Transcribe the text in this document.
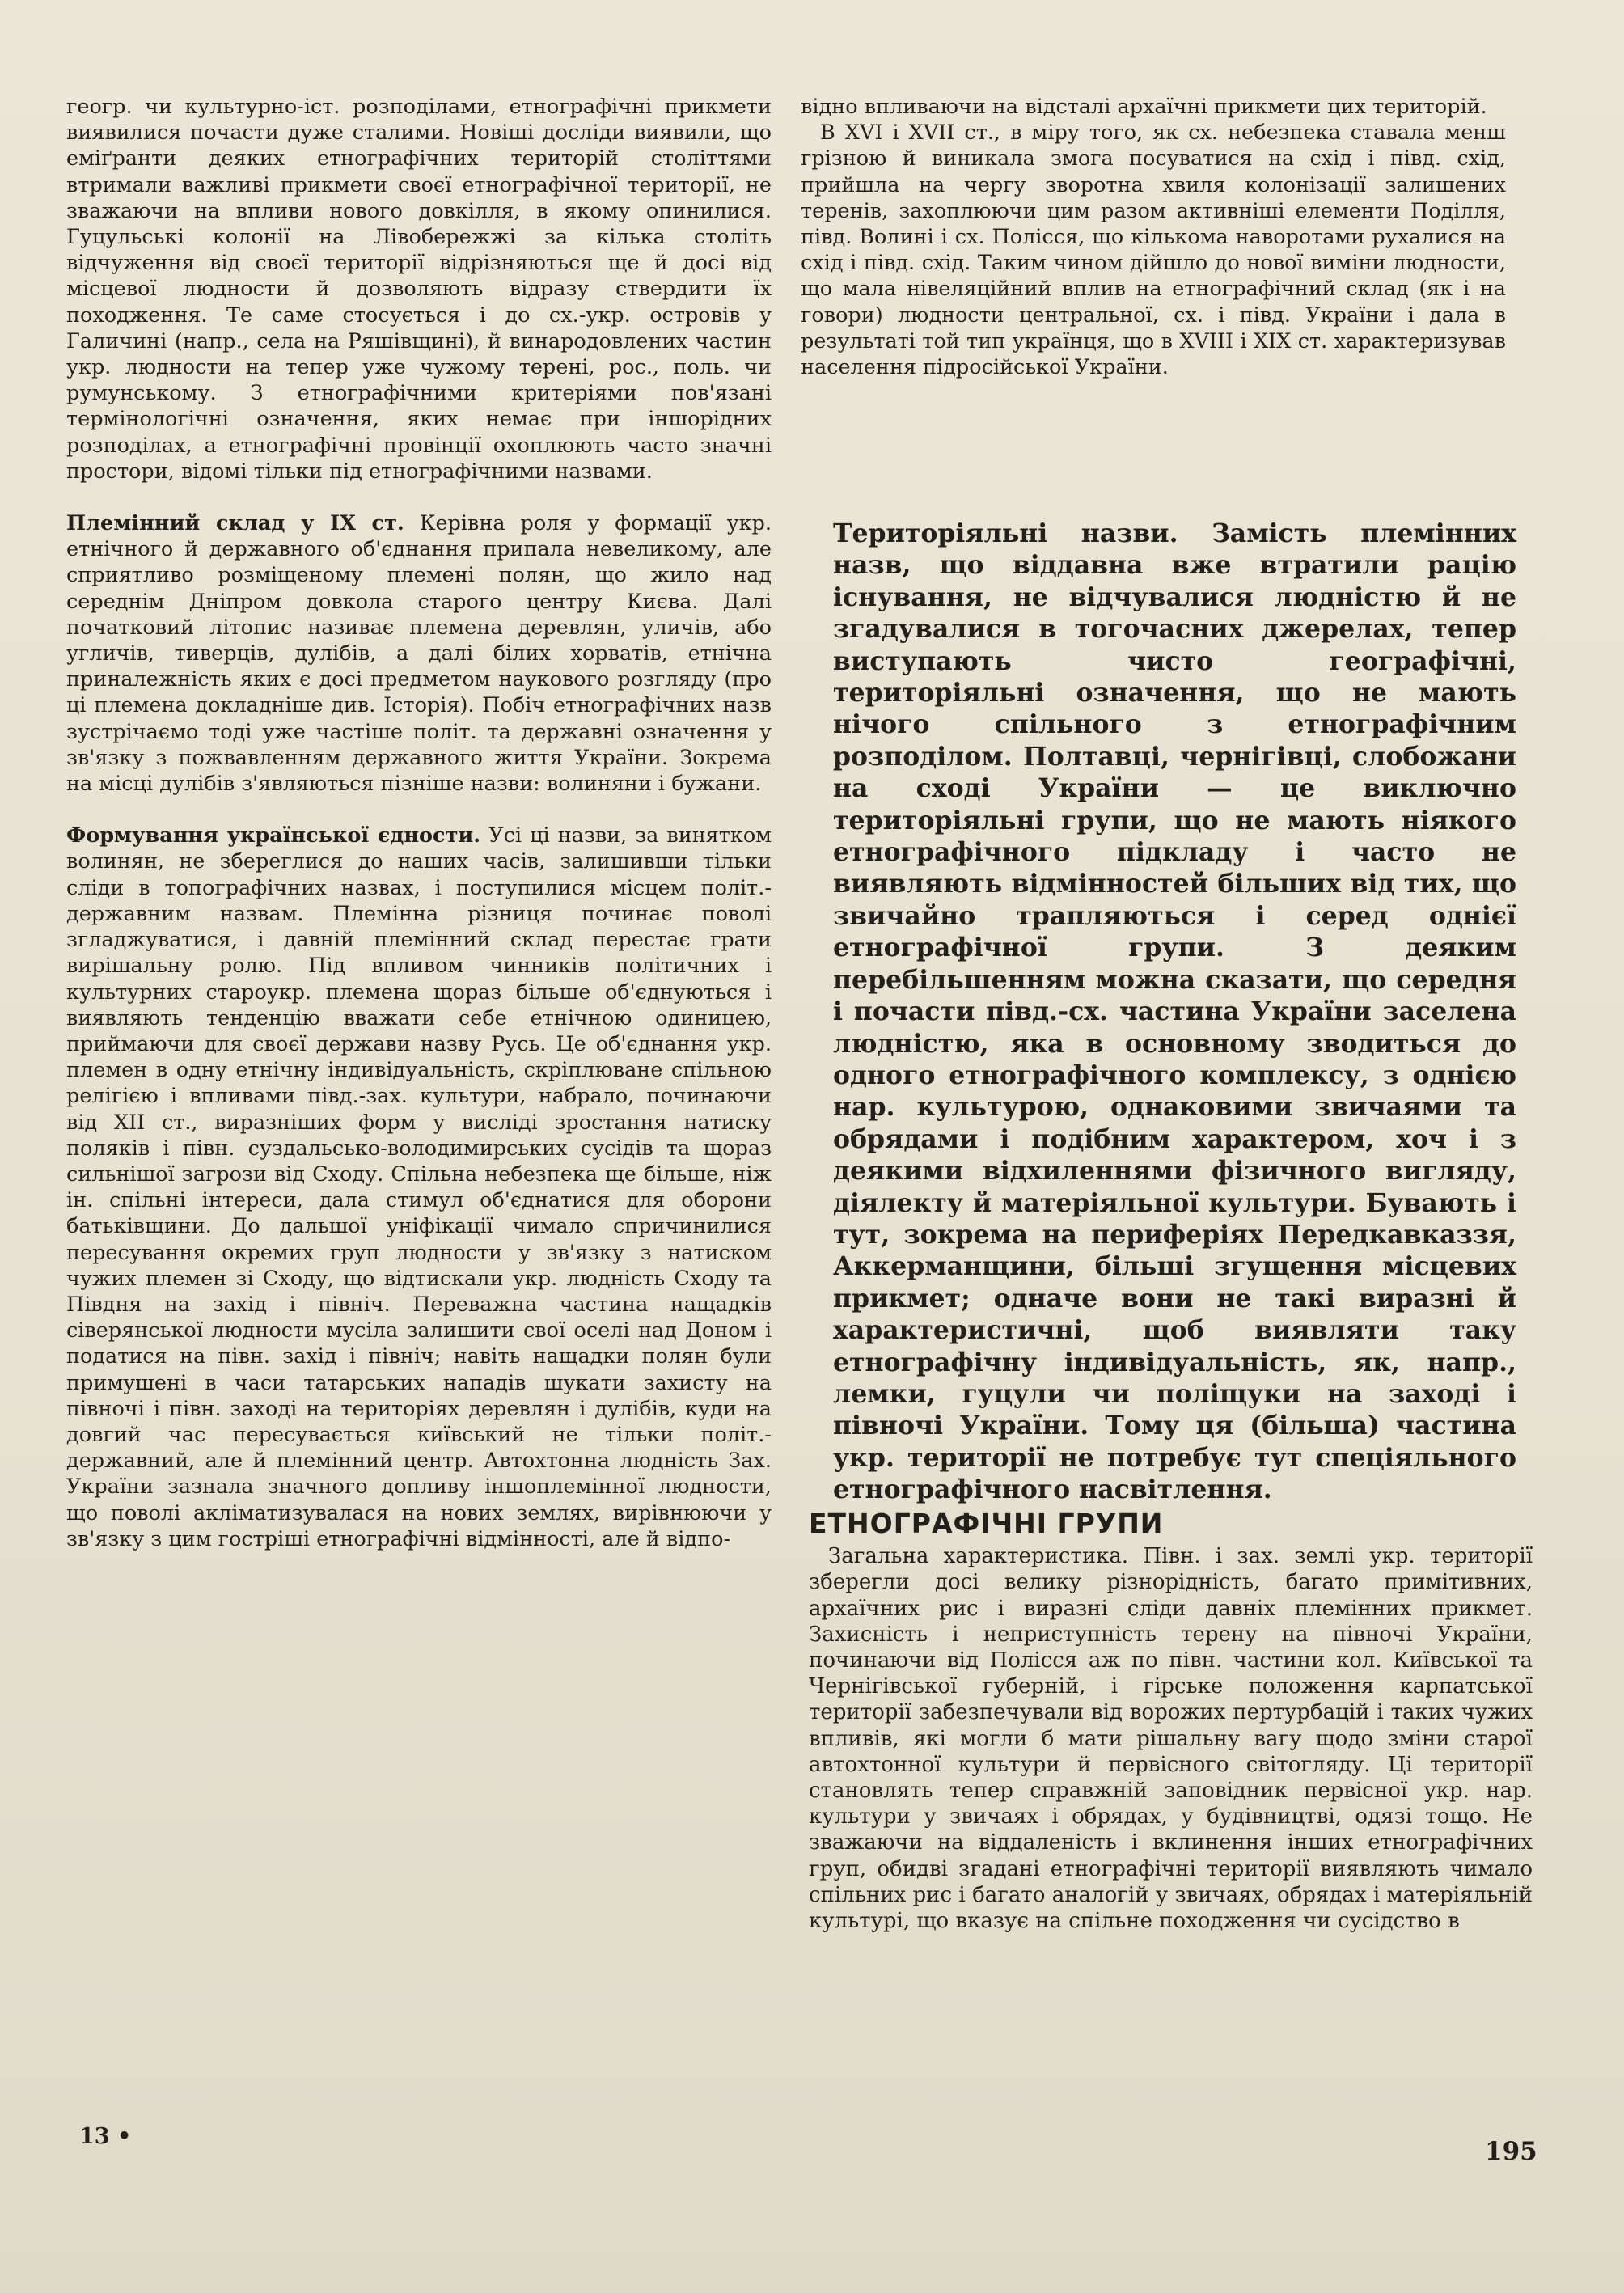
геогр. чи культурно-іст. розподілами, етнографічні прикмети виявилися почасти дуже сталими. Новіші досліди виявили, що еміґранти деяких етнографічних територій століттями втримали важливі прикмети своєї етнографічної території, не зважаючи на впливи нового довкілля, в якому опинилися. Гуцульські колонії на Лівобережжі за кілька століть відчуження від своєї території відрізняються ще й досі від місцевої людности й дозволяють відразу ствердити їх походження. Те саме стосується і до сх.-укр. островів у Галичині (напр., села на Ряшівщині), й винародовлених частин укр. людности на тепер уже чужому терені, рос., поль. чи румунському. З етнографічними критеріями пов'язані термінологічні означення, яких немає при іншорідних розподілах, а етнографічні провінції охоплюють часто значні простори, відомі тільки під етнографічними назвами.

Племінний склад у IX ст. Керівна роля у формації укр. етнічного й державного об'єднання припала невеликому, але сприятливо розміщеному племені полян, що жило над середнім Дніпром довкола старого центру Києва. Далі початковий літопис називає племена деревлян, уличів, або угличів, тиверців, дулібів, а далі білих хорватів, етнічна приналежність яких є досі предметом наукового розгляду (про ці племена докладніше див. Історія). Побіч етнографічних назв зустрічаємо тоді уже частіше політ. та державні означення у зв'язку з пожвавленням державного життя України. Зокрема на місці дулібів з'являються пізніше назви: волиняни і бужани.

Формування української єдности. Усі ці назви, за винятком волинян, не збереглися до наших часів, залишивши тільки сліди в топографічних назвах, і поступилися місцем політ.-державним назвам. Племінна різниця починає поволі згладжуватися, і давній племінний склад перестає грати вирішальну ролю. Під впливом чинників політичних і культурних староукр. племена щораз більше об'єднуються і виявляють тенденцію вважати себе етнічною одиницею, приймаючи для своєї держави назву Русь. Це об'єднання укр. племен в одну етнічну індивідуальність, скріплюване спільною релігією і впливами півд.-зах. культури, набрало, починаючи від XII ст., виразніших форм у висліді зростання натиску поляків і півн. суздальсько-володимирських сусідів та щораз сильнішої загрози від Сходу. Спільна небезпека ще більше, ніж ін. спільні інтереси, дала стимул об'єднатися для оборони батьківщини. До дальшої уніфікації чимало спричинилися пересування окремих груп людности у зв'язку з натиском чужих племен зі Сходу, що відтискали укр. людність Сходу та Півдня на захід і північ. Переважна частина нащадків сіверянської людности мусіла залишити свої оселі над Доном і податися на півн. захід і північ; навіть нащадки полян були примушені в часи татарських нападів шукати захисту на півночі і півн. заході на територіях деревлян і дулібів, куди на довгий час пересувається київський не тільки політ.-державний, але й племінний центр. Автохтонна людність Зах. України зазнала значного допливу іншоплемінної людности, що поволі акліматизувалася на нових землях, вирівнюючи у зв'язку з цим гостріші етнографічні відмінності, але й відпо-

відно впливаючи на відсталі архаїчні прикмети цих територій.

В XVI і XVII ст., в міру того, як сх. небезпека ставала менш грізною й виникала змога посуватися на схід і півд. схід, прийшла на чергу зворотна хвиля колонізації залишених теренів, захоплюючи цим разом активніші елементи Поділля, півд. Волині і сх. Полісся, що кількома наворотами рухалися на схід і півд. схід. Таким чином дійшло до нової виміни людности, що мала нівеляційний вплив на етнографічний склад (як і на говори) людности центральної, сх. і півд. України і дала в результаті той тип українця, що в XVIII і XIX ст. характеризував населення підросійської України.

Територіяльні назви. Замість племінних назв, що віддавна вже втратили рацію існування, не відчувалися людністю й не згадувалися в тогочасних джерелах, тепер виступають чисто географічні, територіяльні означення, що не мають нічого спільного з етнографічним розподілом. Полтавці, чернігівці, слобожани на сході України — це виключно територіяльні групи, що не мають ніякого етнографічного підкладу і часто не виявляють відмінностей більших від тих, що звичайно трапляються і серед однієї етнографічної групи. З деяким перебільшенням можна сказати, що середня і почасти півд.-сх. частина України заселена людністю, яка в основному зводиться до одного етнографічного комплексу, з однією нар. культурою, однаковими звичаями та обрядами і подібним характером, хоч і з деякими відхиленнями фізичного вигляду, діялекту й матеріяльної культури. Бувають і тут, зокрема на периферіях Передкавказзя, Аккерманщини, більші згущення місцевих прикмет; одначе вони не такі виразні й характеристичні, щоб виявляти таку етнографічну індивідуальність, як, напр., лемки, гуцули чи поліщуки на заході і півночі України. Тому ця (більша) частина укр. території не потребує тут спеціяльного етнографічного насвітлення.

ЕТНОГРАФІЧНІ ГРУПИ

Загальна характеристика. Півн. і зах. землі укр. території зберегли досі велику різнорідність, багато примітивних, архаїчних рис і виразні сліди давніх племінних прикмет. Захисність і неприступність терену на півночі України, починаючи від Полісся аж по півн. частини кол. Київської та Чернігівської губерній, і гірське положення карпатської території забезпечували від ворожих пертурбацій і таких чужих впливів, які могли б мати рішальну вагу щодо зміни старої автохтонної культури й первісного світогляду. Ці території становлять тепер справжній заповідник первісної укр. нар. культури у звичаях і обрядах, у будівництві, одязі тощо. Не зважаючи на віддаленість і вклинення інших етнографічних груп, обидві згадані етнографічні території виявляють чимало спільних рис і багато аналогій у звичаях, обрядах і матеріяльній культурі, що вказує на спільне походження чи сусідство в

13 •
195
